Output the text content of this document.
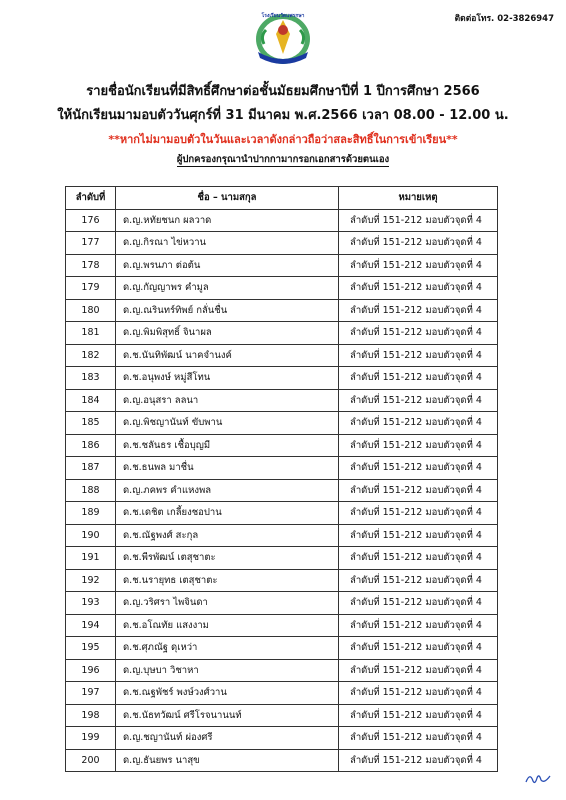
ติดต่อโทร. 02-3826947
โรงเรียนวัดแพรกษา
รายชื่อนักเรียนที่มีสิทธิ์ศึกษาต่อชั้นมัธยมศึกษาปีที่ 1 ปีการศึกษา 2566
ให้นักเรียนมามอบตัววันศุกร์ที่ 31 มีนาคม พ.ศ.2566 เวลา 08.00 - 12.00 น.
**หากไม่มามอบตัวในวันและเวลาดังกล่าวถือว่าสละสิทธิ์ในการเข้าเรียน**
ผู้ปกครองกรุณานำปากกามากรอกเอกสารด้วยตนเอง
ลำดับที่	ชื่อ – นามสกุล	หมายเหตุ
176	ด.ญ.หทัยชนก ผลวาด	ลำดับที่ 151-212 มอบตัวจุดที่ 4
177	ด.ญ.กิรณา ไข่หวาน	ลำดับที่ 151-212 มอบตัวจุดที่ 4
178	ด.ญ.พรนภา ต่อต้น	ลำดับที่ 151-212 มอบตัวจุดที่ 4
179	ด.ญ.กัญญาพร คำมูล	ลำดับที่ 151-212 มอบตัวจุดที่ 4
180	ด.ญ.ณรินทร์ทิพย์ กลั่นชื่น	ลำดับที่ 151-212 มอบตัวจุดที่ 4
181	ด.ญ.พิมพิสุทธิ์ จินาผล	ลำดับที่ 151-212 มอบตัวจุดที่ 4
182	ด.ช.นันทิพัฒน์ นาคจำนงค์	ลำดับที่ 151-212 มอบตัวจุดที่ 4
183	ด.ช.อนุพงษ์ หมู่สีโทน	ลำดับที่ 151-212 มอบตัวจุดที่ 4
184	ด.ญ.อนุสรา ลลนา	ลำดับที่ 151-212 มอบตัวจุดที่ 4
185	ด.ญ.พิชญานันท์ ขับพาน	ลำดับที่ 151-212 มอบตัวจุดที่ 4
186	ด.ช.ชลันธร เชื้อบุญมี	ลำดับที่ 151-212 มอบตัวจุดที่ 4
187	ด.ช.ธนพล มาชื่น	ลำดับที่ 151-212 มอบตัวจุดที่ 4
188	ด.ญ.ภคพร คำแหงพล	ลำดับที่ 151-212 มอบตัวจุดที่ 4
189	ด.ช.เดชิต เกลี้ยงชอปาน	ลำดับที่ 151-212 มอบตัวจุดที่ 4
190	ด.ช.ณัฐพงศ์ สะกุล	ลำดับที่ 151-212 มอบตัวจุดที่ 4
191	ด.ช.พีรพัฒน์ เตสุชาตะ	ลำดับที่ 151-212 มอบตัวจุดที่ 4
192	ด.ช.นรายุทธ เตสุชาตะ	ลำดับที่ 151-212 มอบตัวจุดที่ 4
193	ด.ญ.วริศรา ไพจินดา	ลำดับที่ 151-212 มอบตัวจุดที่ 4
194	ด.ช.อโณทัย แสงงาม	ลำดับที่ 151-212 มอบตัวจุดที่ 4
195	ด.ช.ศุภณัฐ ดุเหว่า	ลำดับที่ 151-212 มอบตัวจุดที่ 4
196	ด.ญ.บุษบา วิชาหา	ลำดับที่ 151-212 มอบตัวจุดที่ 4
197	ด.ช.ณฐพัชร์ พงษ์วงศ์วาน	ลำดับที่ 151-212 มอบตัวจุดที่ 4
198	ด.ช.นัธทวัฒน์ ศรีโรจนานนท์	ลำดับที่ 151-212 มอบตัวจุดที่ 4
199	ด.ญ.ชญานันท์ ผ่องศรี	ลำดับที่ 151-212 มอบตัวจุดที่ 4
200	ด.ญ.ธันยพร นาสุข	ลำดับที่ 151-212 มอบตัวจุดที่ 4
